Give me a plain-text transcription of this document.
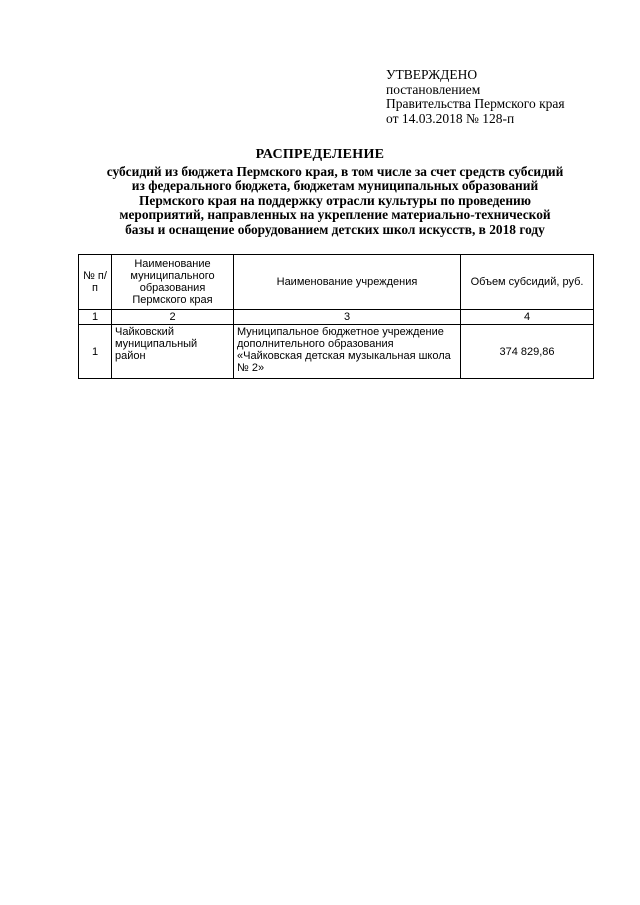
УТВЕРЖДЕНО
постановлением
Правительства Пермского края
от 14.03.2018 № 128-п
РАСПРЕДЕЛЕНИЕ
субсидий из бюджета Пермского края, в том числе за счет средств субсидий
из федерального бюджета, бюджетам муниципальных образований
Пермского края на поддержку отрасли культуры по проведению
мероприятий, направленных на укрепление материально-технической
базы и оснащение оборудованием детских школ искусств, в 2018 году
№ п/п	Наименование муниципального образования Пермского края	Наименование учреждения	Объем субсидий, руб.
1	2	3	4
1	Чайковский муниципальный район	Муниципальное бюджетное учреждение дополнительного образования «Чайковская детская музыкальная школа № 2»	374 829,86
